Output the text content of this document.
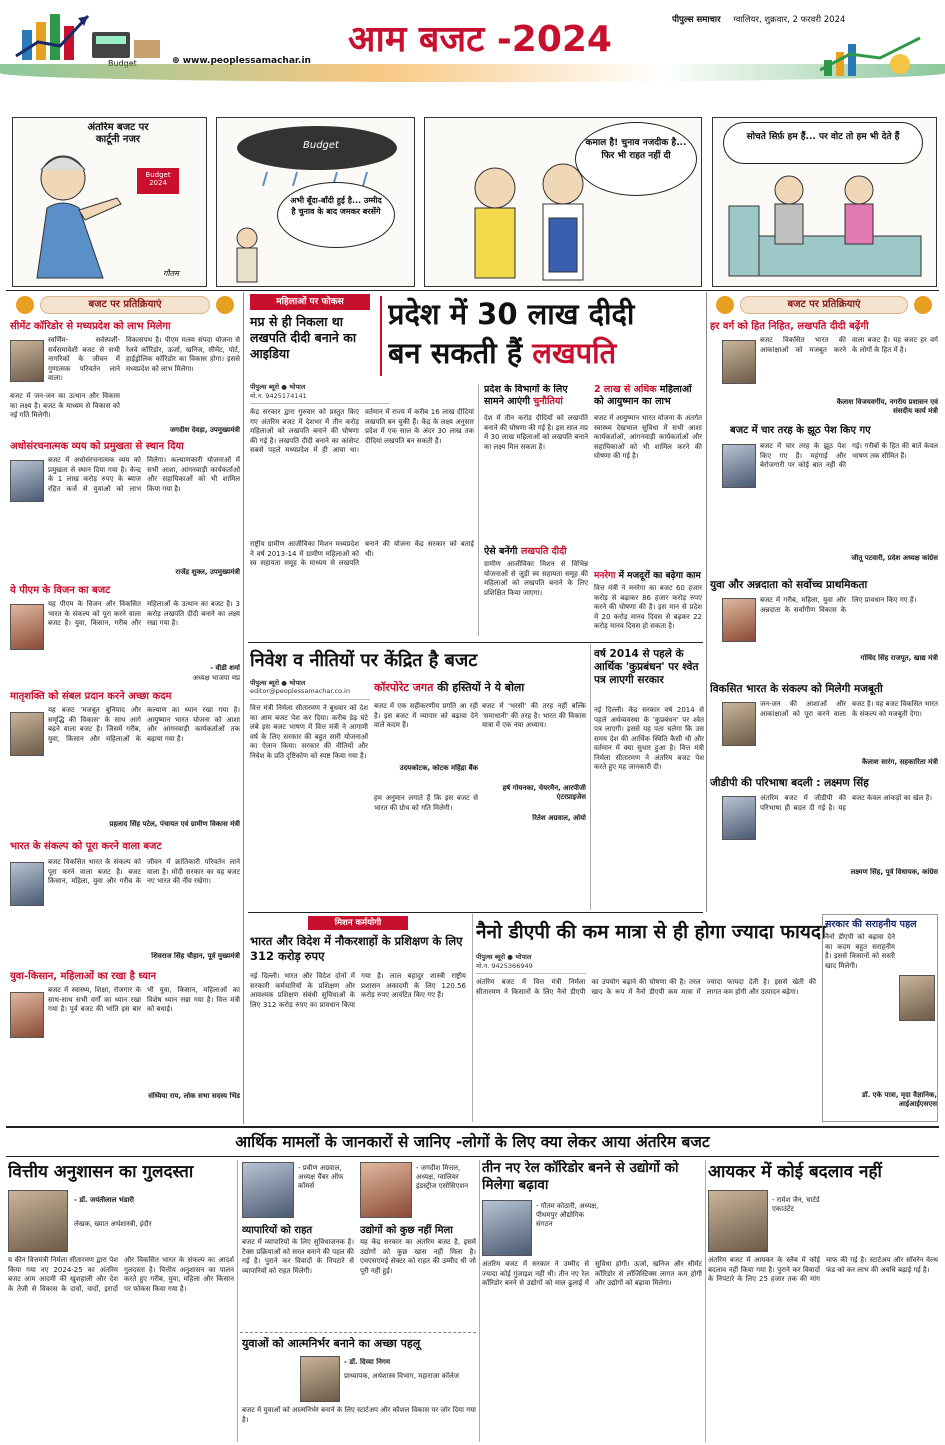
⊕ www.peoplessamachar.in
आम बजट -2024	पीपुल्स समाचार ग्वालियर, शुक्रवार, 2 फरवरी 2024
अंतरिम बजट पर कार्टूनी नजर
Budget 2024
गौतम
Budget
अभी बूँदा-बाँदी हुई है... उम्मीद है चुनाव के बाद जमकर बरसेंगे
कमाल है! चुनाव नजदीक है... फिर भी राहत नहीं दी
सोचते सिर्फ़ हम हैं... पर वोट तो हम भी देते हैं
बजट पर प्रतिक्रियाएं
सीमेंट कॉरिडोर से मध्यप्रदेश को लाभ मिलेगा
स्वर्णिम- सर्वस्पर्शी- सर्वसमावेशी बजट से सभी नागरिकों के जीवन में गुणात्मक परिवर्तन लाने वाला।
विकासपथ है। पीएम मत्स्य संपदा योजना से रेलवे कॉरिडोर, ऊर्जा, खनिज, सीमेंट, पोर्ट, हाईड्रोलिक कॉरिडोर का विकास होगा। इससे मध्यप्रदेश को लाभ मिलेगा।
बजट में जन-जन का उत्थान और विकास का लक्ष्य है। बजट के माध्यम से विकास को नई गति मिलेगी।
जगदीश देवड़ा, उपमुख्यमंत्री
अधोसंरचनात्मक व्यय को प्रमुखता से स्थान दिया
बजट में अधोसंरचनात्मक व्यय को प्रमुखता से स्थान दिया गया है। केन्द्र के 1 लाख करोड़ रुपए के ब्याज रहित कर्ज से युवाओं को लाभ मिलेगा। कल्याणकारी योजनाओं में सभी आशा, आंगनवाड़ी कार्यकर्ताओं और सहायिकाओं को भी शामिल किया गया है।
राजेंद्र शुक्ल, उपमुख्यमंत्री
ये पीएम के विजन का बजट
यह पीएम के विजन और विकसित भारत के संकल्प को पूरा करने वाला बजट है। युवा, किसान, गरीब और महिलाओं के उत्थान का बजट है। 3 करोड़ लखपति दीदी बनाने का लक्ष्य रखा गया है।
- वीडी शर्मा
अध्यक्ष भाजपा मप्र
मातृशक्ति को संबल प्रदान करने अच्छा कदम
यह बजट 'मजबूत बुनियाद और समृद्धि की विकास' के साथ आगे बढ़ने वाला बजट है। जिसमें गरीब, युवा, किसान और महिलाओं के कल्याण का ध्यान रखा गया है। आयुष्मान भारत योजना को आशा और आंगनवाड़ी कार्यकर्ताओं तक बढ़ाया गया है।
प्रहलाद सिंह पटेल, पंचायत एवं ग्रामीण विकास मंत्री
भारत के संकल्प को पूरा करने वाला बजट
बजट विकसित भारत के संकल्प को पूरा करने वाला बजट है। बजट किसान, महिला, युवा और गरीब के जीवन में क्रांतिकारी परिवर्तन लाने वाला है। मोदी सरकार का यह बजट नए भारत की नींव रखेगा।
शिवराज सिंह चौहान, पूर्व मुख्यमंत्री
युवा-किसान, महिलाओं का रखा है ध्यान
बजट में स्वास्थ्य, शिक्षा, रोजगार के साथ-साथ सभी वर्गों का ध्यान रखा गया है। पूर्व बजट की भांति इस बार भी युवा, किसान, महिलाओं का विशेष ध्यान रखा गया है। वित्त मंत्री को बधाई।
संध्यिया राय, लोक सभा सदस्य भिंड
महिलाओं पर फोकस
मप्र से ही निकला था लखपति दीदी बनाने का आइडिया
प्रदेश में 30 लाख दीदी
बन सकती हैं लखपति
पीपुल्स ब्यूरो ● भोपाल
मो.न. 9425174141
केंद्र सरकार द्वारा गुरुवार को प्रस्तुत किए गए अंतरिम बजट में देशभर में तीन करोड़ महिलाओं को लखपति बनाने की घोषणा की गई है। लखपति दीदी बनाने का कांसेप्ट सबसे पहले मध्यप्रदेश में ही आया था। वर्तमान में राज्य में करीब 16 लाख दीदियां लखपति बन चुकी हैं। केंद्र के लक्ष्य अनुसार प्रदेश में एक साल के अंदर 30 लाख तक दीदियां लखपति बन सकती हैं।
राष्ट्रीय ग्रामीण आजीविका मिशन मध्यप्रदेश ने वर्ष 2013-14 में ग्रामीण महिलाओं को स्व सहायता समूह के माध्यम से लखपति बनाने की योजना केंद्र सरकार को बताई थी।
प्रदेश के विभागों के लिए सामने आएंगी चुनौतियां
देश में तीन करोड़ दीदियों को लखपति बनाने की घोषणा की गई है। इस साल मप्र में 30 लाख महिलाओं को लखपति बनाने का लक्ष्य मिल सकता है।
2 लाख से अधिक महिलाओं को आयुष्मान का लाभ
बजट में आयुष्मान भारत योजना के अंतर्गत स्वास्थ्य देखभाल सुविधा में सभी आशा कार्यकर्ताओं, आंगनवाड़ी कार्यकर्ताओं और सहायिकाओं को भी शामिल करने की घोषणा की गई है।
ऐसे बनेंगी लखपति दीदी
ग्रामीण आजीविका मिशन से विभिन्न योजनाओं से जुड़ी स्व सहायता समूह की महिलाओं को लखपति बनाने के लिए प्रशिक्षित किया जाएगा।
मनरेगा में मजदूरों का बढ़ेगा काम
वित्त मंत्री ने मनरेगा का बजट 60 हजार करोड़ से बढ़ाकर 86 हजार करोड़ रुपए करने की घोषणा की है। इस मान से प्रदेश में 20 करोड़ मानव दिवस से बढ़कर 22 करोड़ मानव दिवस हो सकता है।
निवेश व नीतियों पर केंद्रित है बजट
पीपुल्स ब्यूरो ● भोपाल
editor@peoplessamachar.co.in	कॉरपोरेट जगत की हस्तियों ने ये बोला
वित्त मंत्री निर्मला सीतारमण ने बुधवार को देश का आम बजट पेश कर दिया। करीब डेढ़ घंटे लंबे इस बजट भाषण में वित्त मंत्री ने आगामी वर्ष के लिए सरकार की बहुत सारी योजनाओं का ऐलान किया। सरकार की नीतियों और निवेश के प्रति दृष्टिकोण को स्पष्ट किया गया है।
बजट में एक सहीकरणीय प्रगति आ रही है। इस बजट में व्यापार को बढ़ावा देने वाले कदम हैं।
उदयकोटक, कोटक महिंद्रा बैंक
बजट में 'भरसी' की तरह नहीं बल्कि 'समाधानी' की तरह है। भारत की विकास यात्रा में एक नया अध्याय।
हर्ष गोयनका, चेयरमैन, आरपीजी एंटरप्राइजेस
हम अनुमान लगाते हैं कि इस बजट से भारत की ग्रोथ को गति मिलेगी।
रितेश अग्रवाल, ओयो
वर्ष 2014 से पहले के आर्थिक 'कुप्रबंधन' पर श्वेत पत्र लाएगी सरकार
नई दिल्ली। केंद्र सरकार वर्ष 2014 से पहले अर्थव्यवस्था के 'कुप्रबंधन' पर श्वेत पत्र लाएगी। इससे यह पता चलेगा कि उस समय देश की आर्थिक स्थिति कैसी थी और वर्तमान में क्या सुधार हुआ है। वित्त मंत्री निर्मला सीतारमण ने अंतरिम बजट पेश करते हुए यह जानकारी दी।
मिशन कर्मयोगी
भारत और विदेश में नौकरशाहों के प्रशिक्षण के लिए 312 करोड़ रुपए
नई दिल्ली। भारत और विदेश दोनों में सरकारी कर्मचारियों के प्रशिक्षण और आवश्यक प्रशिक्षण संबंधी सुविधाओं के लिए 312 करोड़ रुपए का प्रावधान किया गया है। लाल बहादुर शास्त्री राष्ट्रीय प्रशासन अकादमी के लिए 120.56 करोड़ रुपए आवंटित किए गए हैं।
नैनो डीएपी की कम मात्रा से ही होगा ज्यादा फायदा
पीपुल्स ब्यूरो ● भोपाल
मो.न. 9425366949
अंतरिम बजट में वित्त मंत्री निर्मला सीतारमण ने किसानों के लिए नैनो डीएपी का उपयोग बढ़ाने की घोषणा की है। तरल खाद के रूप में नैनो डीएपी कम मात्रा में ज्यादा फायदा देती है। इससे खेती की लागत कम होगी और उत्पादन बढ़ेगा।
बजट पर प्रतिक्रियाएं
हर वर्ग को हित निहित, लखपति दीदी बढ़ेंगी
बजट विकसित भारत की आकांक्षाओं को मजबूत करने वाला बजट है। यह बजट हर वर्ग के लोगों के हित में है।
कैलाश विजयवर्गीय, नगरीय प्रशासन एवं संसदीय कार्य मंत्री
बजट में चार तरह के झूठ पेश किए गए
बजट में चार तरह के झूठ पेश किए गए हैं। महंगाई और बेरोजगारी पर कोई बात नहीं की गई। गरीबों के हित की बातें केवल भाषण तक सीमित हैं।
जीतू पटवारी, प्रदेश अध्यक्ष कांग्रेस
युवा और अन्नदाता को सर्वोच्च प्राथमिकता
बजट में गरीब, महिला, युवा और अन्नदाता के सर्वांगीण विकास के लिए प्रावधान किए गए हैं।
गोविंद सिंह राजपूत, खाद्य मंत्री
विकसित भारत के संकल्प को मिलेगी मजबूती
जन-जन की आशाओं और आकांक्षाओं को पूरा करने वाला बजट है। यह बजट विकसित भारत के संकल्प को मजबूती देगा।
कैलाश सारंग, सहकारिता मंत्री
जीडीपी की परिभाषा बदली : लक्ष्मण सिंह
अंतरिम बजट में जीडीपी की परिभाषा ही बदल दी गई है। यह बजट केवल आंकड़ों का खेल है।
लक्ष्मण सिंह, पूर्व विधायक, कांग्रेस
सरकार की सराहनीय पहल
नैनो डीएपी को बढ़ावा देने का कदम बहुत सराहनीय है। इससे किसानों को सस्ती खाद मिलेगी।
डॉ. एके पात्रा, मृदा वैज्ञानिक, आईआईएसएस
आर्थिक मामलों के जानकारों से जानिए -लोगों के लिए क्या लेकर आया अंतरिम बजट
वित्तीय अनुशासन का गुलदस्ता
- डॉ. जयंतीलाल भंडारी
लेखक, ख्यात अर्थशास्त्री, इंदौर
य कीन वित्तमंत्री निर्मला सीतारमण द्वारा पेश किया गया नए 2024-25 का अंतरिम बजट आम आदमी की खुशहाली और देश के तेजी से विकास के दावों, वादों, इरादों और विकसित भारत के संकल्प का आदर्श गुलदस्ता है। वित्तीय अनुशासन का पालन करते हुए गरीब, युवा, महिला और किसान पर फोकस किया गया है।
- प्रवीण अग्रवाल, अध्यक्ष चैंबर ऑफ कॉमर्स
- जगदीश मित्तल, अध्यक्ष, ग्वालियर इंडस्ट्रीज एसोसिएशन
व्यापारियों को राहत
बजट में व्यापारियों के लिए सुविधाजनक है। टैक्स प्रक्रियाओं को सरल बनाने की पहल की गई है। पुराने कर विवादों के निपटारे से व्यापारियों को राहत मिलेगी।
उद्योगों को कुछ नहीं मिला
यह केंद्र सरकार का अंतरिम बजट है, इसमें उद्योगों को कुछ खास नहीं मिला है। एमएसएमई सेक्टर को राहत की उम्मीद थी जो पूरी नहीं हुई।
युवाओं को आत्मनिर्भर बनाने का अच्छा पहलू
- डॉ. दिव्या निगम
प्राध्यापक, अर्थशास्त्र विभाग, महाराजा कॉलेज
बजट में युवाओं को आत्मनिर्भर बनाने के लिए स्टार्टअप और कौशल विकास पर जोर दिया गया है।
तीन नए रेल कॉरिडोर बनने से उद्योगों को मिलेगा बढ़ावा
- गौतम कोठारी, अध्यक्ष, पीथमपुर औद्योगिक संगठन
अंतरिम बजट में सरकार ने उम्मीद से ज्यादा कोई गुंजाइश नहीं थी। तीन नए रेल कॉरिडोर बनने से उद्योगों को माल ढुलाई में सुविधा होगी। ऊर्जा, खनिज और सीमेंट कॉरिडोर से लॉजिस्टिक्स लागत कम होगी और उद्योगों को बढ़ावा मिलेगा।
आयकर में कोई बदलाव नहीं
- रामेश जैन, चार्टर्ड एकाउंटेंट
अंतरिम बजट में आयकर के स्लैब में कोई बदलाव नहीं किया गया है। पुराने कर विवादों के निपटारे के लिए 25 हजार तक की मांग माफ की गई है। स्टार्टअप और सॉवरेन वेल्थ फंड को कर लाभ की अवधि बढ़ाई गई है।
